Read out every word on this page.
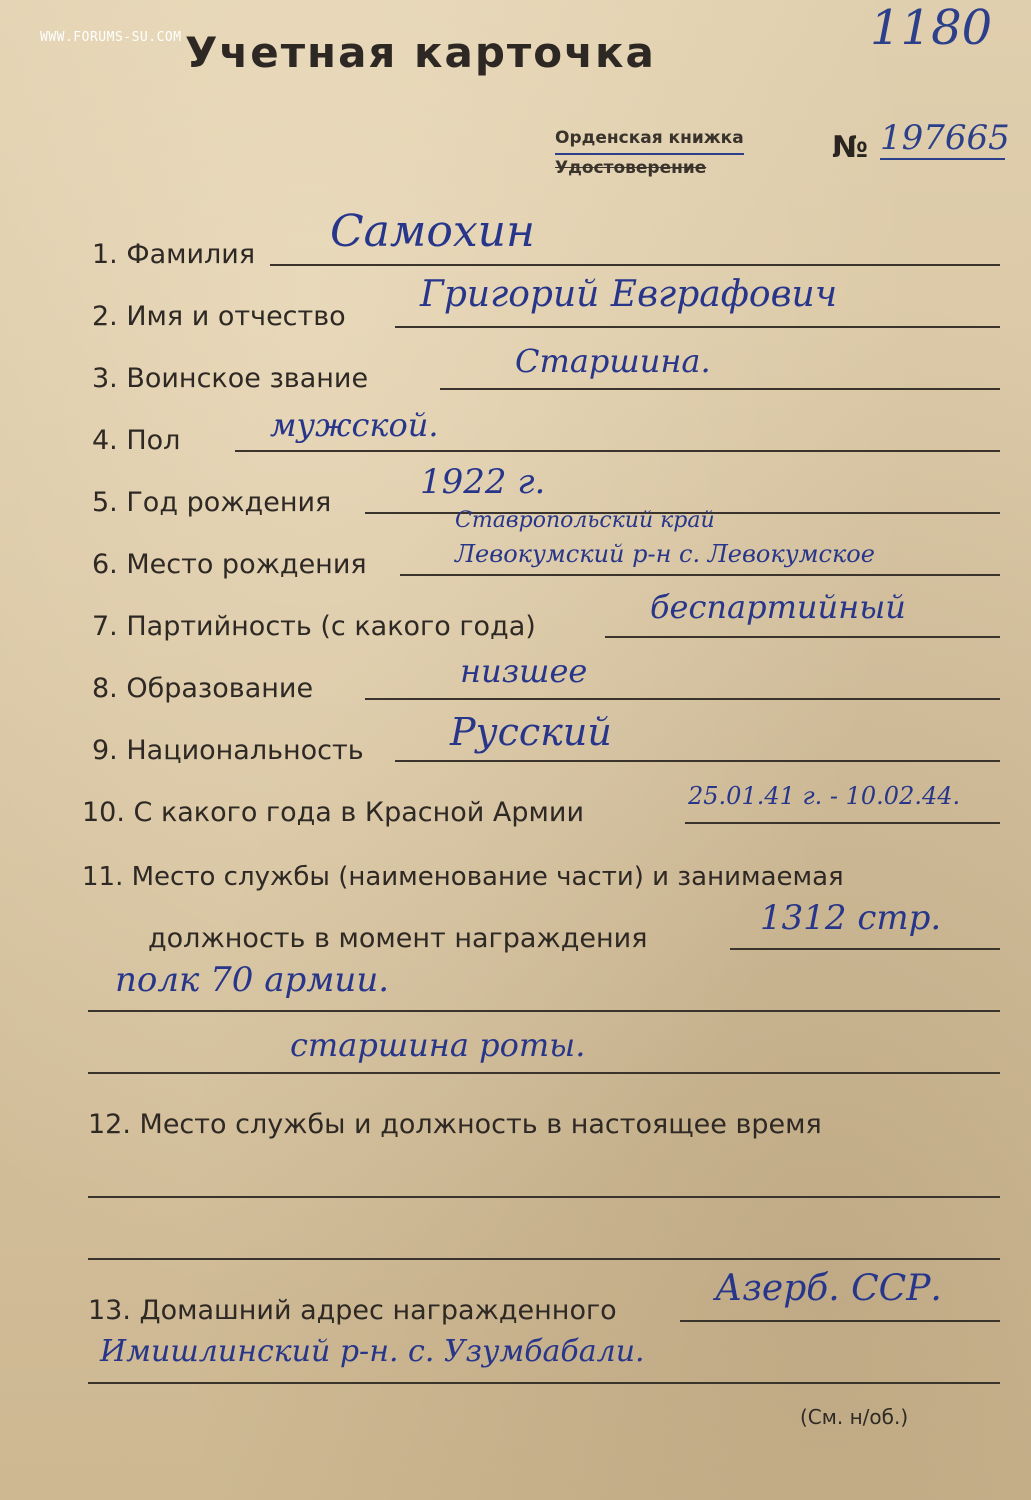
WWW.FORUMS-SU.COM	1180
Учетная карточка
Орденская книжка
Удостоверение
№ 197665
1. Фамилия Самохин
2. Имя и отчество
Григорий Евграфович
3. Воинское звание	Старшина.
4. Пол	мужской.
5. Год рождения
1922 г.
6. Место рождения
Ставропольский край
Левокумский р-н с. Левокумское
7. Партийность (с какого года)
беспартийный
8. Образование	низшее
9. Национальность Русский
10. С какого года в Красной Армии
25.01.41 г. - 10.02.44.
11. Место службы (наименование части) и занимаемая
должность в момент награждения
1312 стр.
полк 70 армии.
старшина роты.
12. Место службы и должность в настоящее время
13. Домашний адрес награжденного
Азерб. ССР.
Имишлинский р-н. с. Узумбабали.
(См. н/об.)
